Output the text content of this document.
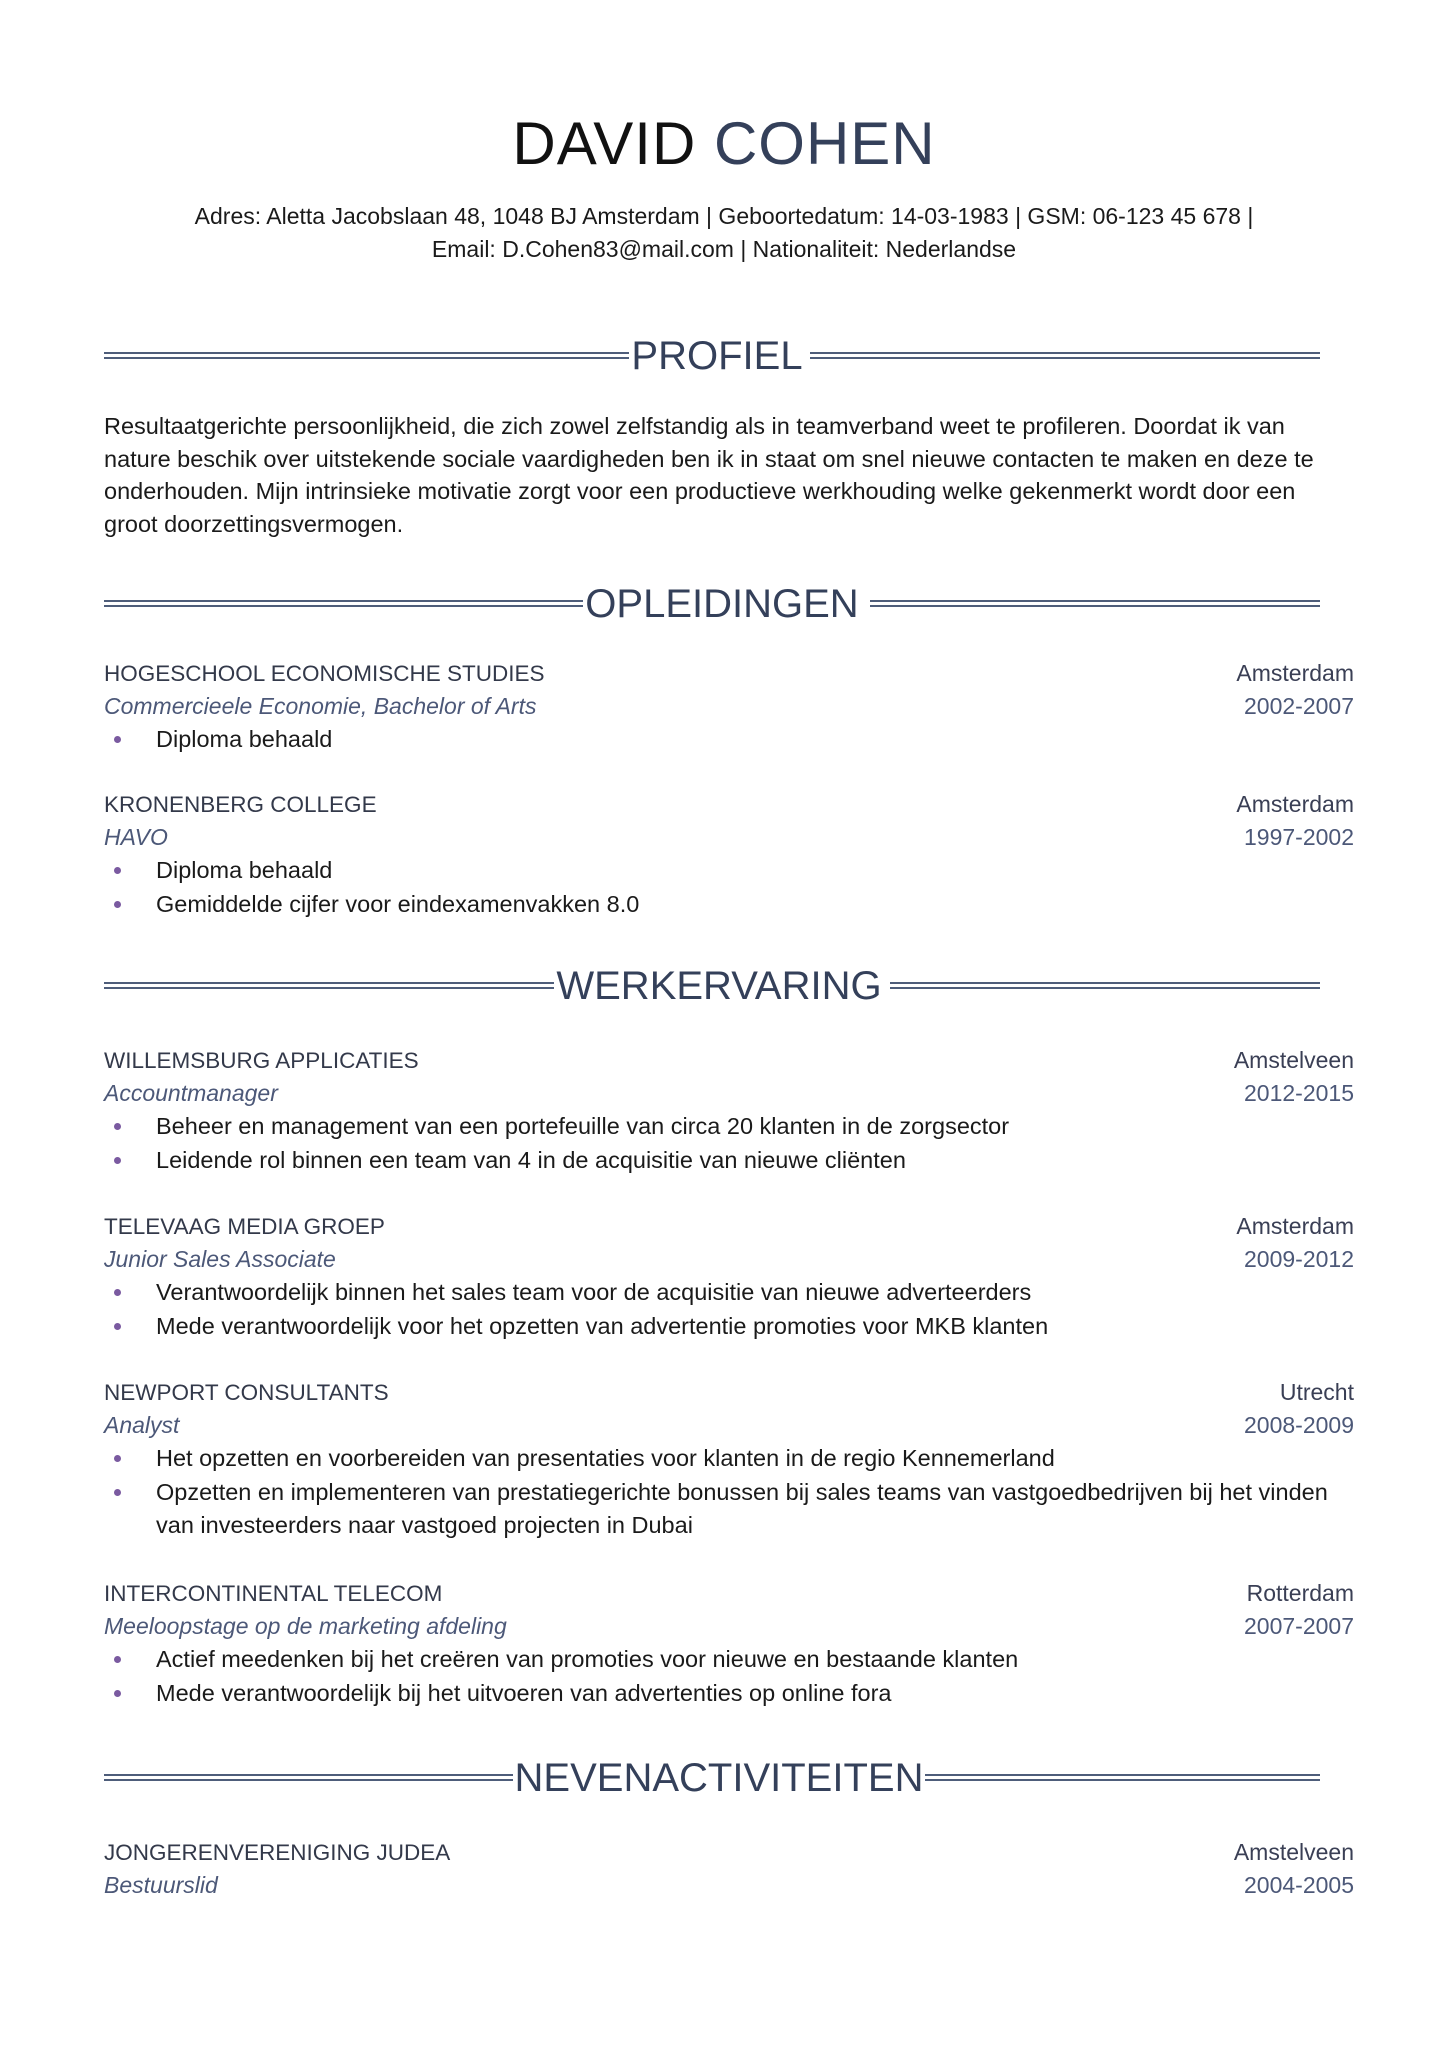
DAVID COHEN
Adres: Aletta Jacobslaan 48, 1048 BJ Amsterdam | Geboortedatum: 14-03-1983 | GSM: 06-123 45 678 |
Email: D.Cohen83@mail.com | Nationaliteit: Nederlandse
PROFIEL
Resultaatgerichte persoonlijkheid, die zich zowel zelfstandig als in teamverband weet te profileren. Doordat ik van nature beschik over uitstekende sociale vaardigheden ben ik in staat om snel nieuwe contacten te maken en deze te onderhouden. Mijn intrinsieke motivatie zorgt voor een productieve werkhouding welke gekenmerkt wordt door een groot doorzettingsvermogen.
OPLEIDINGEN
HOGESCHOOL ECONOMISCHE STUDIES	Amsterdam
Commercieele Economie, Bachelor of Arts	2002-2007
Diploma behaald
KRONENBERG COLLEGE	Amsterdam
HAVO	1997-2002
Diploma behaald
Gemiddelde cijfer voor eindexamenvakken 8.0
WERKERVARING
WILLEMSBURG APPLICATIES	Amstelveen
Accountmanager	2012-2015
Beheer en management van een portefeuille van circa 20 klanten in de zorgsector
Leidende rol binnen een team van 4 in de acquisitie van nieuwe cliënten
TELEVAAG MEDIA GROEP	Amsterdam
Junior Sales Associate	2009-2012
Verantwoordelijk binnen het sales team voor de acquisitie van nieuwe adverteerders
Mede verantwoordelijk voor het opzetten van advertentie promoties voor MKB klanten
NEWPORT CONSULTANTS	Utrecht
Analyst	2008-2009
Het opzetten en voorbereiden van presentaties voor klanten in de regio Kennemerland
Opzetten en implementeren van prestatiegerichte bonussen bij sales teams van vastgoedbedrijven bij het vinden van investeerders naar vastgoed projecten in Dubai
INTERCONTINENTAL TELECOM	Rotterdam
Meeloopstage op de marketing afdeling	2007-2007
Actief meedenken bij het creëren van promoties voor nieuwe en bestaande klanten
Mede verantwoordelijk bij het uitvoeren van advertenties op online fora
NEVENACTIVITEITEN
JONGERENVERENIGING JUDEA	Amstelveen
Bestuurslid	2004-2005
